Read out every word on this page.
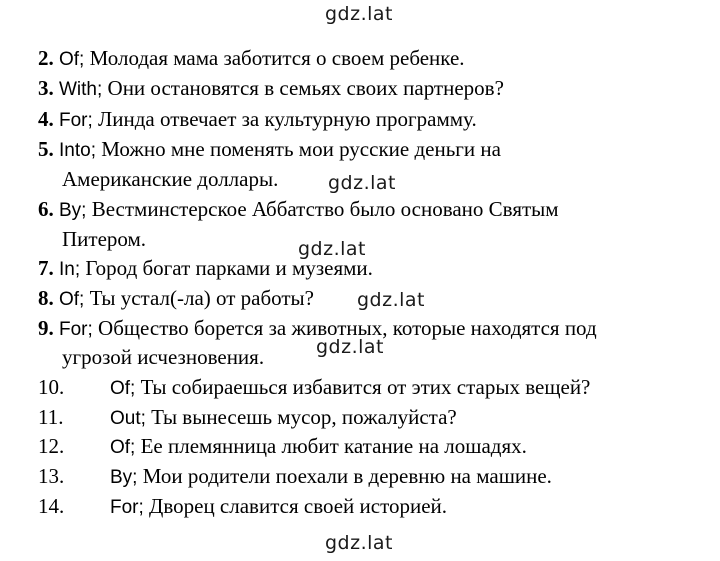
gdz.lat
gdz.lat
gdz.lat
gdz.lat
gdz.lat
gdz.lat
2. Of; Молодая мама заботится о своем ребенке.
3. With; Они остановятся в семьях своих партнеров?
4. For; Линда отвечает за культурную программу.
5. Into; Можно мне поменять мои русские деньги на
Американские доллары.
6. By; Вестминстерское Аббатство было основано Святым
Питером.
7. In; Город богат парками и музеями.
8. Of; Ты устал(-ла) от работы?
9. For; Общество борется за животных, которые находятся под
угрозой исчезновения.
10. Of; Ты собираешься избавится от этих старых вещей?
11. Out; Ты вынесешь мусор, пожалуйста?
12. Of; Ее племянница любит катание на лошадях.
13. By; Мои родители поехали в деревню на машине.
14. For; Дворец славится своей историей.
